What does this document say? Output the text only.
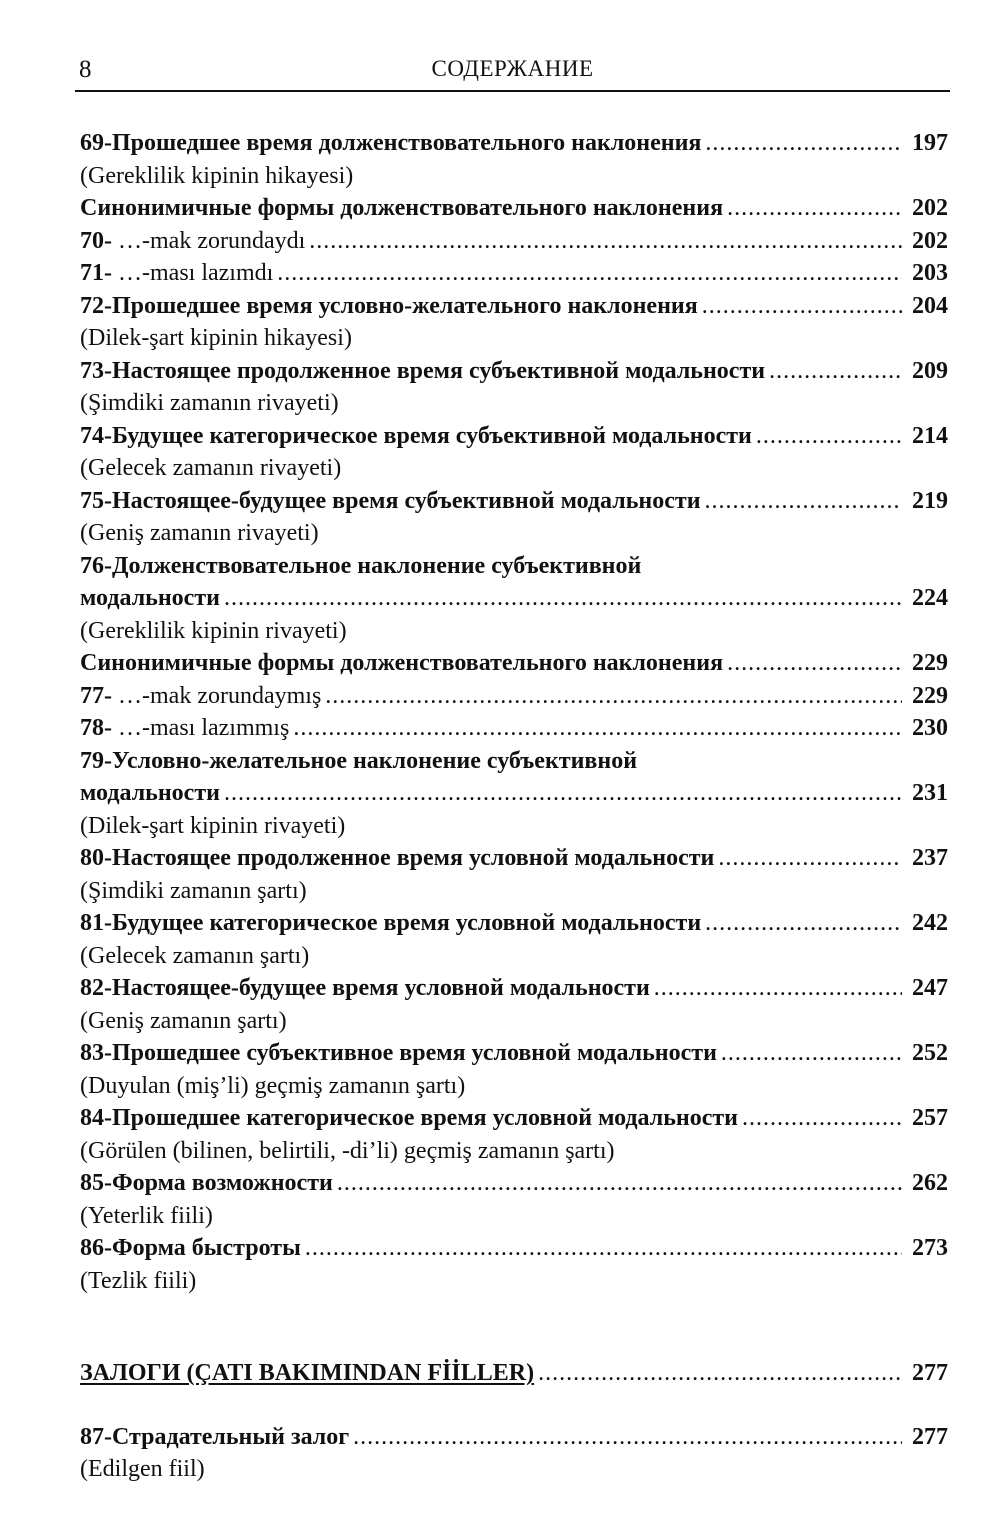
8	СОДЕРЖАНИЕ
69-Прошедшее время долженствовательного наклонения .....	197
(Gereklilik kipinin hikayesi)
Синонимичные формы долженствовательного наклонения .....	202
70- …-mak zorundaydı .....	202
71- …-ması lazımdı .....	203
72-Прошедшее время условно-желательного наклонения .....	204
(Dilek-şart kipinin hikayesi)
73-Настоящее продолженное время субъективной модальности .....	209
(Şimdiki zamanın rivayeti)
74-Будущее категорическое время субъективной модальности .....	214
(Gelecek zamanın rivayeti)
75-Настоящее-будущее время субъективной модальности .....	219
(Geniş zamanın rivayeti)
76-Долженствовательное наклонение субъективной
модальности .....	224
(Gereklilik kipinin rivayeti)
Синонимичные формы долженствовательного наклонения .....	229
77- …-mak zorundaymış .....	229
78- …-ması lazımmış .....	230
79-Условно-желательное наклонение субъективной
модальности .....	231
(Dilek-şart kipinin rivayeti)
80-Настоящее продолженное время условной модальности .....	237
(Şimdiki zamanın şartı)
81-Будущее категорическое время условной модальности .....	242
(Gelecek zamanın şartı)
82-Настоящее-будущее время условной модальности .....	247
(Geniş zamanın şartı)
83-Прошедшее субъективное время условной модальности .....	252
(Duyulan (miş’li) geçmiş zamanın şartı)
84-Прошедшее категорическое время условной модальности .....	257
(Görülen (bilinen, belirtili, -di’li) geçmiş zamanın şartı)
85-Форма возможности .....	262
(Yeterlik fiili)
86-Форма быстроты .....	273
(Tezlik fiili)
ЗАЛОГИ (ÇATI BAKIMINDAN FİİLLER) .....	277
87-Страдательный залог .....	277
(Edilgen fiil)
